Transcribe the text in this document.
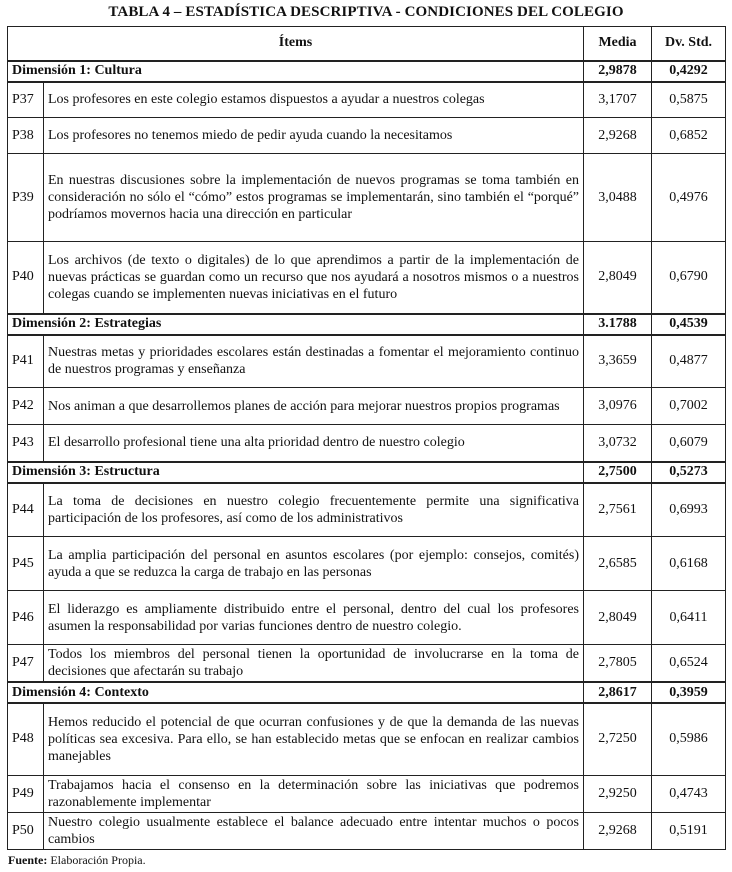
TABLA 4 – ESTADÍSTICA DESCRIPTIVA - CONDICIONES DEL COLEGIO
Ítems		Media	Dv. Std.
Dimensión 1: Cultura		2,9878	0,4292
P37	Los profesores en este colegio estamos dispuestos a ayudar a nuestros colegas	3,1707	0,5875
P38	Los profesores no tenemos miedo de pedir ayuda cuando la necesitamos	2,9268	0,6852
P39	En nuestras discusiones sobre la implementación de nuevos programas se toma también en consideración no sólo el “cómo” estos programas se implementarán, sino también el “porqué” podríamos movernos hacia una dirección en particular	3,0488	0,4976
P40	Los archivos (de texto o digitales) de lo que aprendimos a partir de la implementación de nuevas prácticas se guardan como un recurso que nos ayudará a nosotros mismos o a nuestros colegas cuando se implementen nuevas iniciativas en el futuro	2,8049	0,6790
Dimensión 2: Estrategias		3.1788	0,4539
P41	Nuestras metas y prioridades escolares están destinadas a fomentar el mejoramiento continuo de nuestros programas y enseñanza	3,3659	0,4877
P42	Nos animan a que desarrollemos planes de acción para mejorar nuestros propios programas	3,0976	0,7002
P43	El desarrollo profesional tiene una alta prioridad dentro de nuestro colegio	3,0732	0,6079
Dimensión 3: Estructura		2,7500	0,5273
P44	La toma de decisiones en nuestro colegio frecuentemente permite una significativa participación de los profesores, así como de los administrativos	2,7561	0,6993
P45	La amplia participación del personal en asuntos escolares (por ejemplo: consejos, comités) ayuda a que se reduzca la carga de trabajo en las personas	2,6585	0,6168
P46	El liderazgo es ampliamente distribuido entre el personal, dentro del cual los profesores asumen la responsabilidad por varias funciones dentro de nuestro colegio.	2,8049	0,6411
P47	Todos los miembros del personal tienen la oportunidad de involucrarse en la toma de decisiones que afectarán su trabajo	2,7805	0,6524
Dimensión 4: Contexto		2,8617	0,3959
P48	Hemos reducido el potencial de que ocurran confusiones y de que la demanda de las nuevas políticas sea excesiva. Para ello, se han establecido metas que se enfocan en realizar cambios manejables	2,7250	0,5986
P49	Trabajamos hacia el consenso en la determinación sobre las iniciativas que podremos razonablemente implementar	2,9250	0,4743
P50	Nuestro colegio usualmente establece el balance adecuado entre intentar muchos o pocos cambios	2,9268	0,5191
Fuente: Elaboración Propia.
